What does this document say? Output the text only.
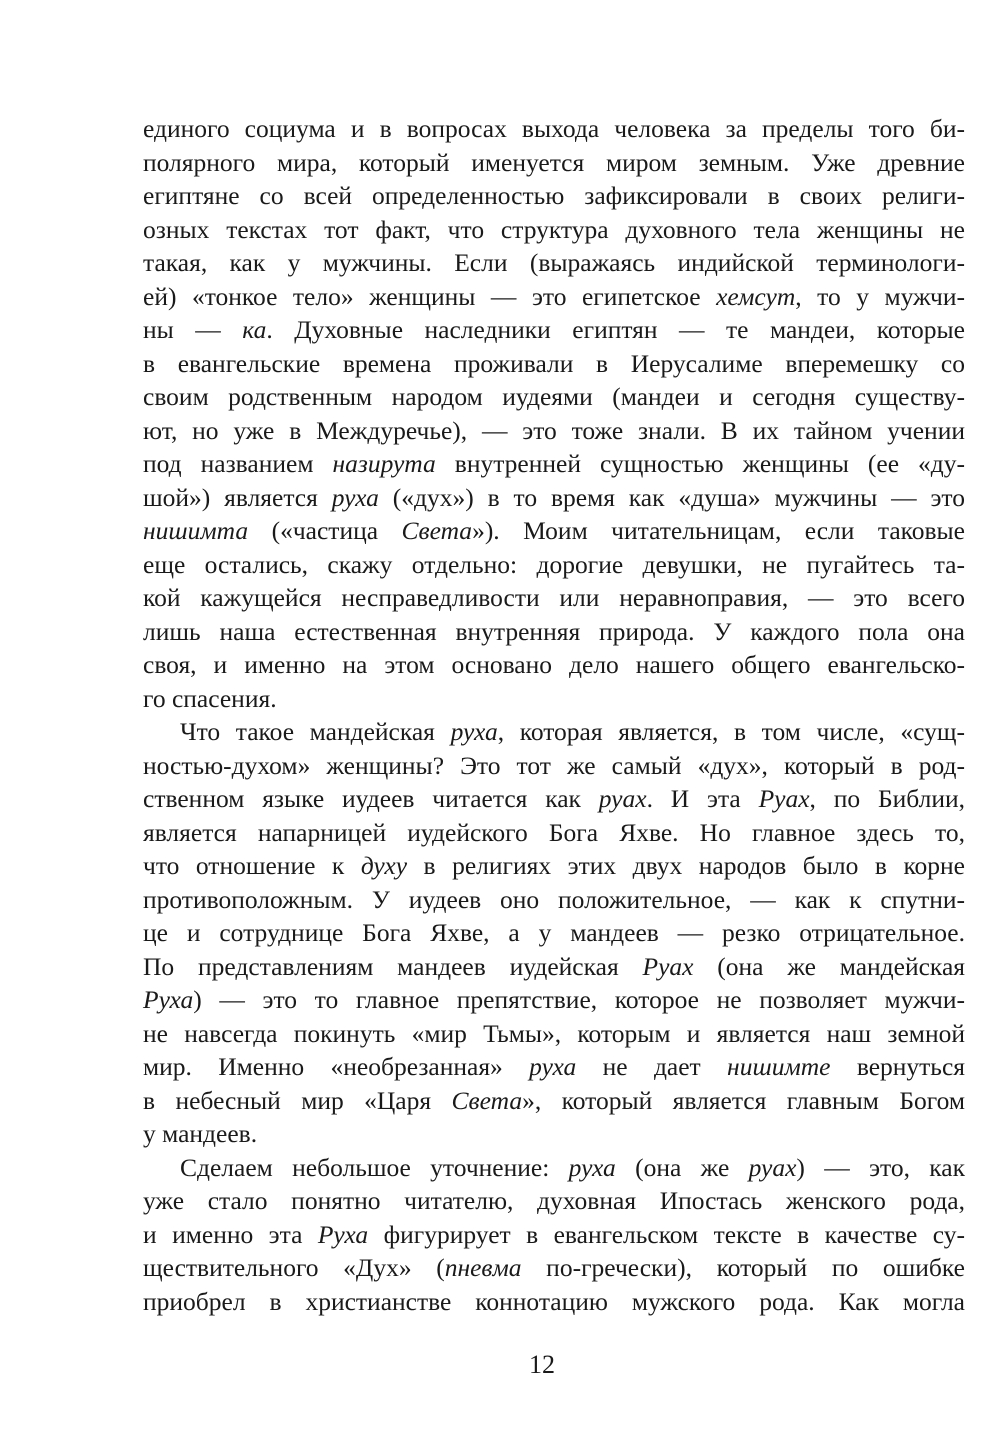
единого социума и в вопросах выхода человека за пределы того би-
полярного мира, который именуется миром земным. Уже древние
египтяне со всей определенностью зафиксировали в своих религи-
озных текстах тот факт, что структура духовного тела женщины не
такая, как у мужчины. Если (выражаясь индийской терминологи-
ей) «тонкое тело» женщины — это египетское хемсут, то у мужчи-
ны — ка. Духовные наследники египтян — те мандеи, которые
в евангельские времена проживали в Иерусалиме вперемешку со
своим родственным народом иудеями (мандеи и сегодня существу-
ют, но уже в Междуречье), — это тоже знали. В их тайном учении
под названием назирута внутренней сущностью женщины (ее «ду-
шой») является руха («дух») в то время как «душа» мужчины — это
нишимта («частица Света»). Моим читательницам, если таковые
еще остались, скажу отдельно: дорогие девушки, не пугайтесь та-
кой кажущейся несправедливости или неравноправия, — это всего
лишь наша естественная внутренняя природа. У каждого пола она
своя, и именно на этом основано дело нашего общего евангельско-
го спасения.
Что такое мандейская руха, которая является, в том числе, «сущ-
ностью-духом» женщины? Это тот же самый «дух», который в род-
ственном языке иудеев читается как руах. И эта Руах, по Библии,
является напарницей иудейского Бога Яхве. Но главное здесь то,
что отношение к духу в религиях этих двух народов было в корне
противоположным. У иудеев оно положительное, — как к спутни-
це и сотруднице Бога Яхве, а у мандеев — резко отрицательное.
По представлениям мандеев иудейская Руах (она же мандейская
Руха) — это то главное препятствие, которое не позволяет мужчи-
не навсегда покинуть «мир Тьмы», которым и является наш земной
мир. Именно «необрезанная» руха не дает нишимте вернуться
в небесный мир «Царя Света», который является главным Богом
у мандеев.
Сделаем небольшое уточнение: руха (она же руах) — это, как
уже стало понятно читателю, духовная Ипостась женского рода,
и именно эта Руха фигурирует в евангельском тексте в качестве су-
ществительного «Дух» (пневма по-гречески), который по ошибке
приобрел в христианстве коннотацию мужского рода. Как могла
12
